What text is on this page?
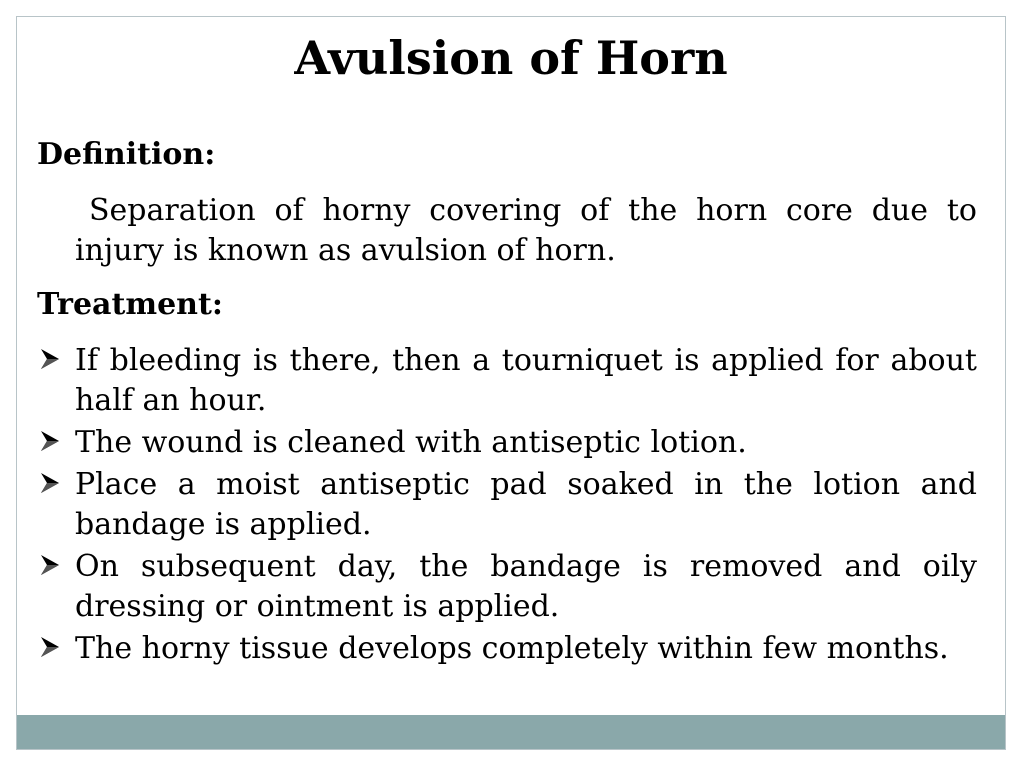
Avulsion of Horn

Definition:

Separation of horny covering of the horn core due to injury is known as avulsion of horn.

Treatment:

If bleeding is there, then a tourniquet is applied for about half an hour.
The wound is cleaned with antiseptic lotion.
Place a moist antiseptic pad soaked in the lotion and bandage is applied.
On subsequent day, the bandage is removed and oily dressing or ointment is applied.
The horny tissue develops completely within few months.
